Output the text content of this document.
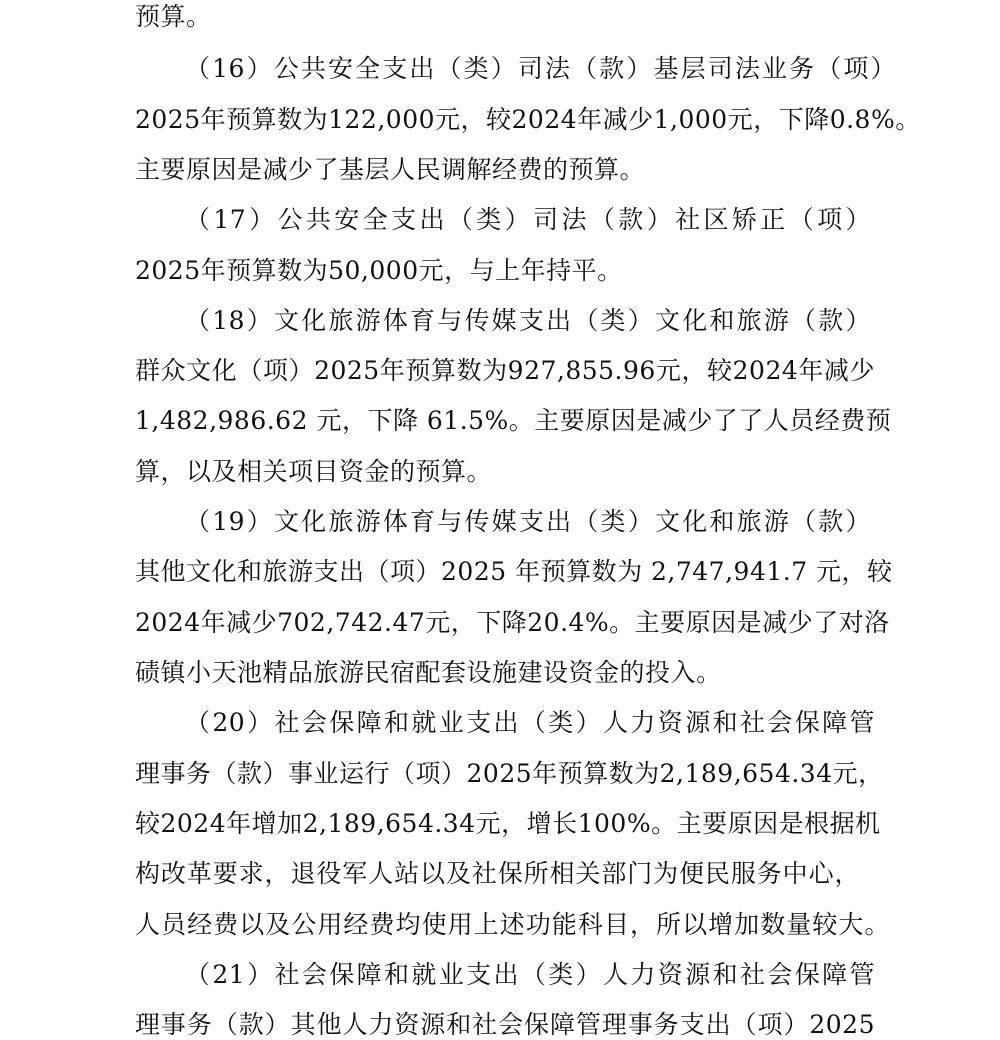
预算。
（16）公共安全支出（类）司法（款）基层司法业务（项）
2025年预算数为122,000元，较2024年减少1,000元，下降0.8%。
主要原因是减少了基层人民调解经费的预算。
（17）公共安全支出（类）司法（款）社区矫正（项）
2025年预算数为50,000元，与上年持平。
（18）文化旅游体育与传媒支出（类）文化和旅游（款）
群众文化（项）2025年预算数为927,855.96元，较2024年减少
1,482,986.62 元，下降 61.5%。主要原因是减少了了人员经费预
算，以及相关项目资金的预算。
（19）文化旅游体育与传媒支出（类）文化和旅游（款）
其他文化和旅游支出（项）2025 年预算数为 2,747,941.7 元，较
2024年减少702,742.47元，下降20.4%。主要原因是减少了对洛
碛镇小天池精品旅游民宿配套设施建设资金的投入。
（20）社会保障和就业支出（类）人力资源和社会保障管
理事务（款）事业运行（项）2025年预算数为2,189,654.34元，
较2024年增加2,189,654.34元，增长100%。主要原因是根据机
构改革要求，退役军人站以及社保所相关部门为便民服务中心，
人员经费以及公用经费均使用上述功能科目，所以增加数量较大。
（21）社会保障和就业支出（类）人力资源和社会保障管
理事务（款）其他人力资源和社会保障管理事务支出（项）2025
